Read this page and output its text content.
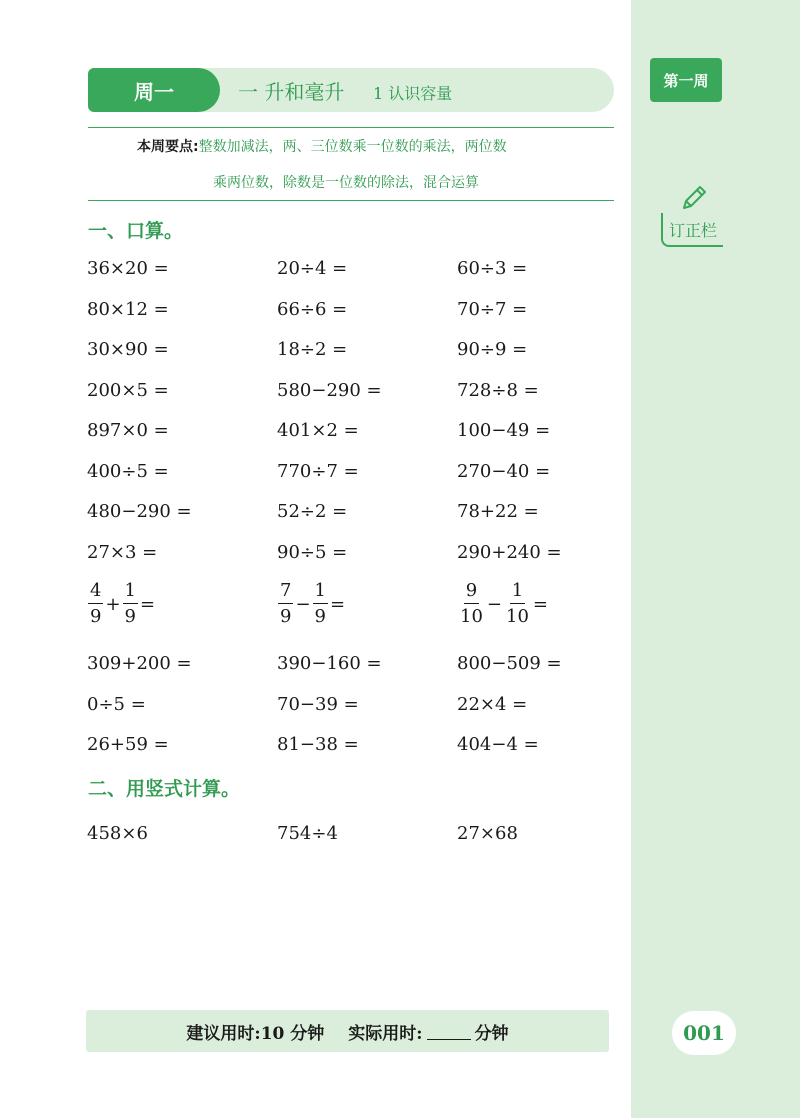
第一周
订正栏
001
周一	一 升和毫升 1 认识容量
本周要点:整数加减法，两、三位数乘一位数的乘法，两位数
乘两位数，除数是一位数的除法，混合运算
一、口算。
36×20 =	20÷4 =	60÷3 =
80×12 =	66÷6 =	70÷7 =
30×90 =	18÷2 =	90÷9 =
200×5 =	580−290 =	728÷8 =
897×0 =	401×2 =	100−49 =
400÷5 =	770÷7 =	270−40 =
480−290 =	52÷2 =	78+22 =
27×3 =	90÷5 =	290+240 =
$\frac{4}{9} + \frac{1}{9}$ =	$\frac{7}{9} - \frac{1}{9}$ =	$\frac{9}{10} - \frac{1}{10}$ =
309+200 =	390−160 =	800−509 =
0÷5 =	70−39 =	22×4 =
26+59 =	81−38 =	404−4 =
二、用竖式计算。
458×6	754÷4	27×68
建议用时:10 分钟 实际用时:	分钟
